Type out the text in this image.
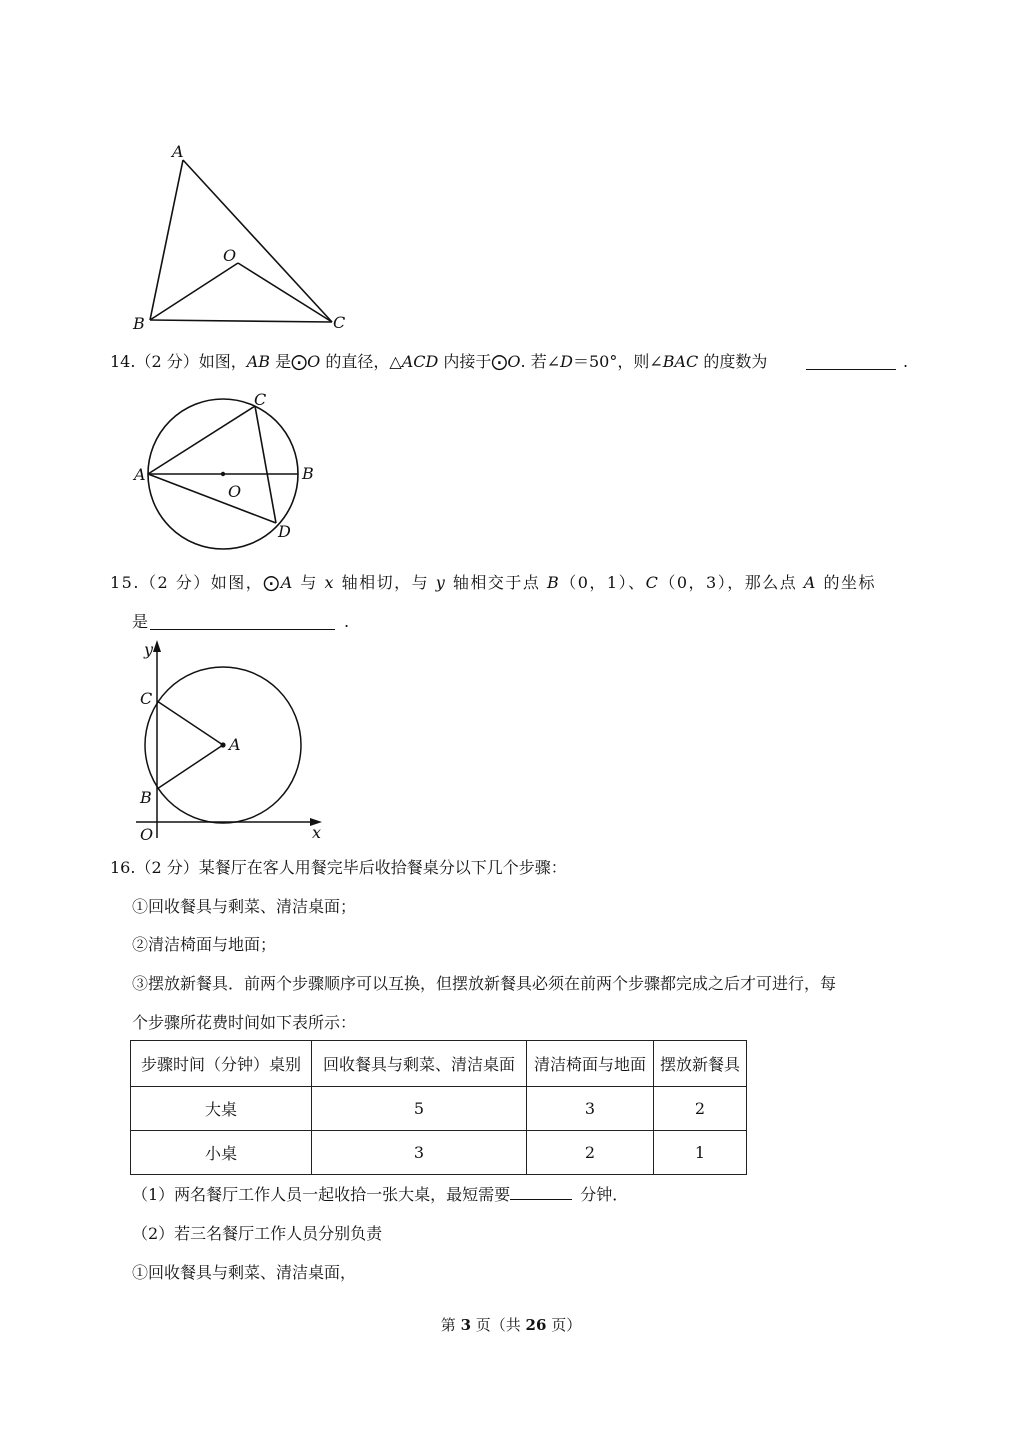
A
O
B	C
14.（2 分）如图，AB 是⨀O 的直径，△ACD 内接于⨀O. 若∠D＝50°，则∠BAC 的度数为	.
A	B
C
D
O
15.（2 分）如图，⨀A 与 x 轴相切，与 y 轴相交于点 B（0，1）、C（0，3），那么点 A 的坐标
是	.
y
x
O
A
C
B
16.（2 分）某餐厅在客人用餐完毕后收拾餐桌分以下几个步骤：
①回收餐具与剩菜、清洁桌面；
②清洁椅面与地面；
③摆放新餐具．前两个步骤顺序可以互换，但摆放新餐具必须在前两个步骤都完成之后才可进行，每
个步骤所花费时间如下表所示：
步骤时间（分钟）桌别	回收餐具与剩菜、清洁桌面	清洁椅面与地面	摆放新餐具
大桌	5	3	2
小桌	3	2	1
（1）两名餐厅工作人员一起收拾一张大桌，最短需要	分钟．
（2）若三名餐厅工作人员分别负责
①回收餐具与剩菜、清洁桌面，
第 3 页（共 26 页）
